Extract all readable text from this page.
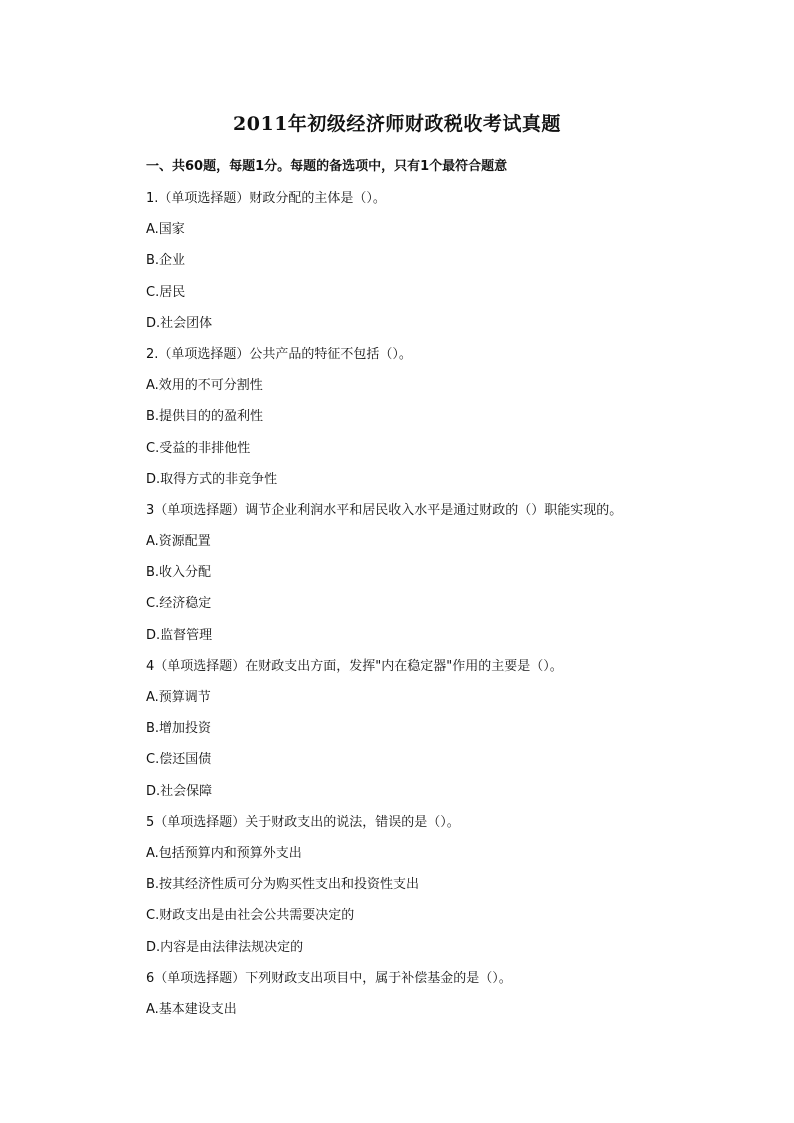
2011年初级经济师财政税收考试真题
一、共60题，每题1分。每题的备选项中，只有1个最符合题意
1.（单项选择题）财政分配的主体是（）。
A.国家
B.企业
C.居民
D.社会团体
2.（单项选择题）公共产品的特征不包括（）。
A.效用的不可分割性
B.提供目的的盈利性
C.受益的非排他性
D.取得方式的非竞争性
3（单项选择题）调节企业利润水平和居民收入水平是通过财政的（）职能实现的。
A.资源配置
B.收入分配
C.经济稳定
D.监督管理
4（单项选择题）在财政支出方面，发挥"内在稳定器"作用的主要是（）。
A.预算调节
B.增加投资
C.偿还国债
D.社会保障
5（单项选择题）关于财政支出的说法，错误的是（）。
A.包括预算内和预算外支出
B.按其经济性质可分为购买性支出和投资性支出
C.财政支出是由社会公共需要决定的
D.内容是由法律法规决定的
6（单项选择题）下列财政支出项目中，属于补偿基金的是（）。
A.基本建设支出
